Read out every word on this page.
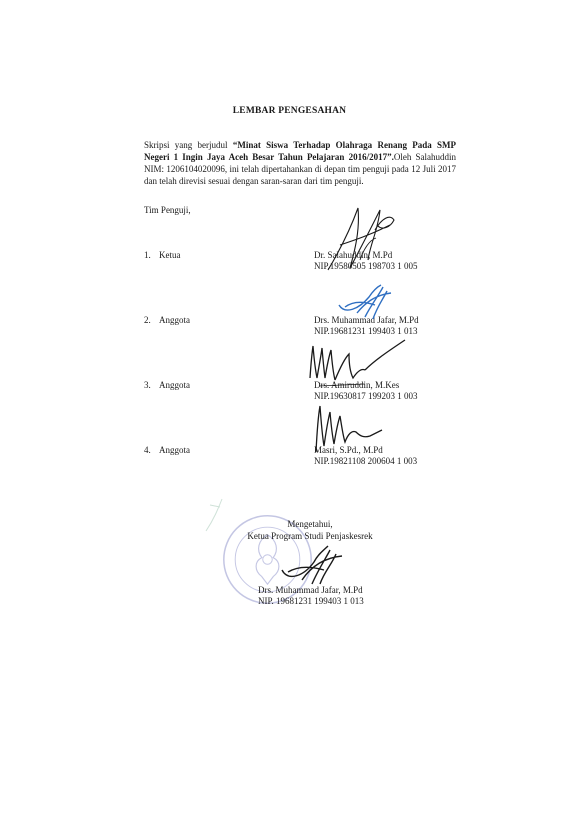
LEMBAR PENGESAHAN
Skripsi yang berjudul “Minat Siswa Terhadap Olahraga Renang Pada SMP Negeri 1 Ingin Jaya Aceh Besar Tahun Pelajaran 2016/2017”.Oleh Salahuddin NIM: 1206104020096, ini telah dipertahankan di depan tim penguji pada 12 Juli 2017 dan telah direvisi sesuai dengan saran-saran dari tim penguji.
Tim Penguji,
1. Ketua	Dr. Salahuddin, M.Pd
NIP.19580505 198703 1 005
2. Anggota	Drs. Muhammad Jafar, M.Pd
NIP.19681231 199403 1 013
3. Anggota	Drs. Amiruddin, M.Kes
NIP.19630817 199203 1 003
4. Anggota	Masri, S.Pd., M.Pd
NIP.19821108 200604 1 003
Mengetahui,
Ketua Program Studi Penjaskesrek
Drs. Muhammad Jafar, M.Pd
NIP. 19681231 199403 1 013
